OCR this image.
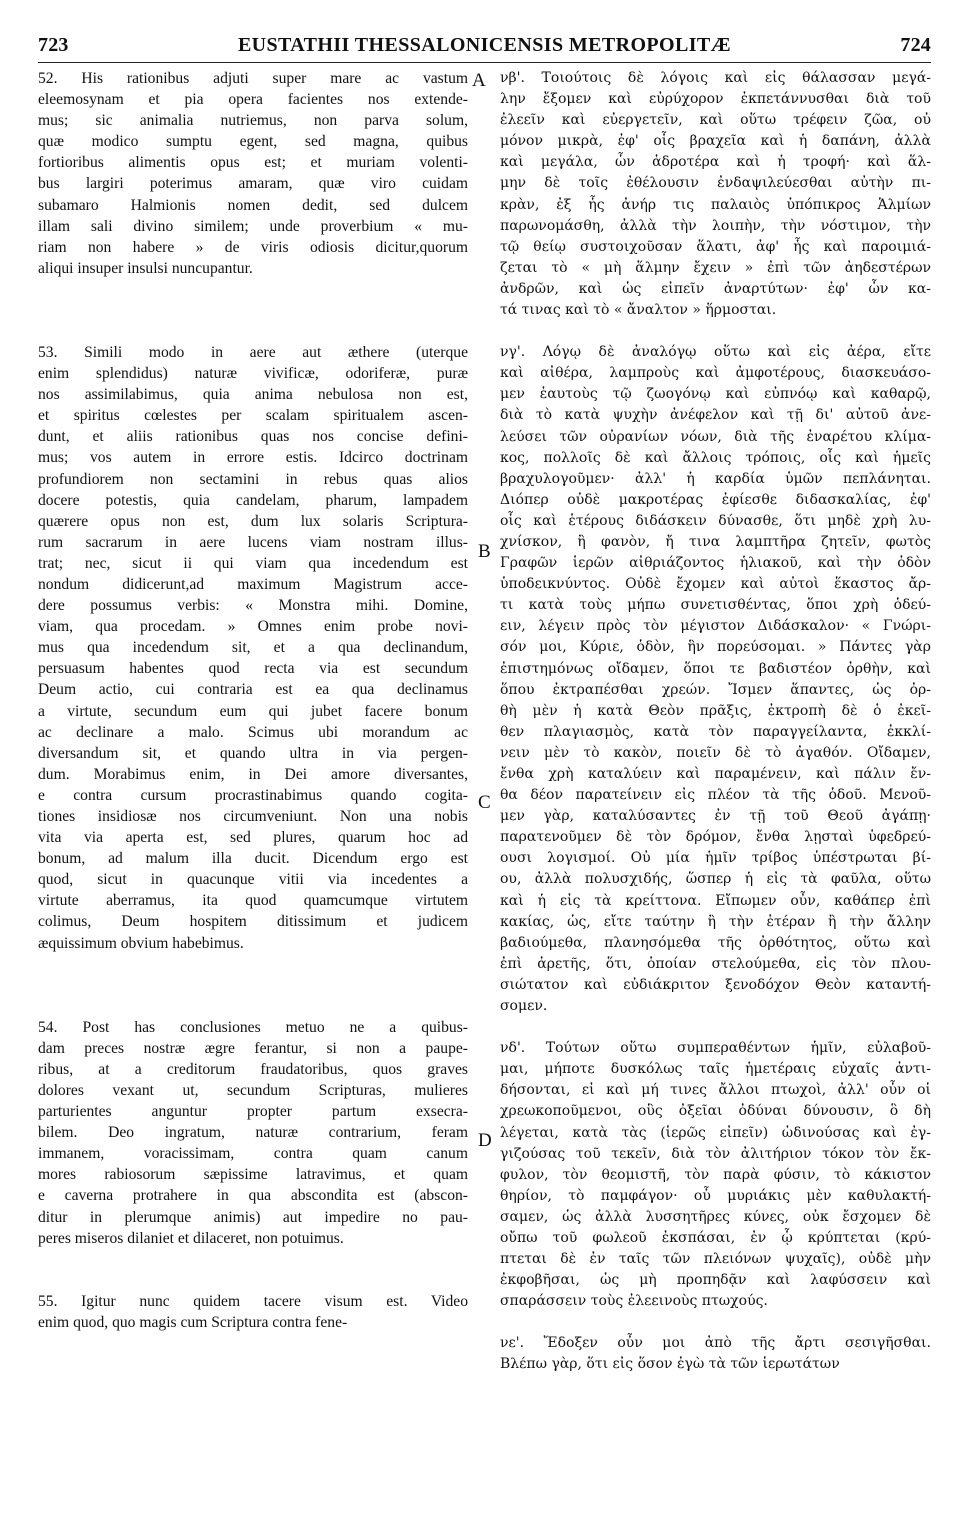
723	EUSTATHII THESSALONICENSIS METROPOLITÆ	724
52. His rationibus adjuti super mare ac vastum
eleemosynam et pia opera facientes nos extende-
mus; sic animalia nutriemus, non parva solum,
quæ modico sumptu egent, sed magna, quibus
fortioribus alimentis opus est; et muriam volenti-
bus largiri poterimus amaram, quæ viro cuidam
subamaro Halmionis nomen dedit, sed dulcem
illam sali divino similem; unde proverbium « mu-
riam non habere » de viris odiosis dicitur,quorum
aliqui insuper insulsi nuncupantur.
53. Simili modo in aere aut æthere (uterque
enim splendidus) naturæ vivificæ, odoriferæ, puræ
nos assimilabimus, quia anima nebulosa non est,
et spiritus cœlestes per scalam spiritualem ascen-
dunt, et aliis rationibus quas nos concise defini-
mus; vos autem in errore estis. Idcirco doctrinam
profundiorem non sectamini in rebus quas alios
docere potestis, quia candelam, pharum, lampadem
quærere opus non est, dum lux solaris Scriptura-
rum sacrarum in aere lucens viam nostram illus-
trat; nec, sicut ii qui viam qua incedendum est
nondum didicerunt,ad maximum Magistrum acce-
dere possumus verbis: « Monstra mihi. Domine,
viam, qua procedam. » Omnes enim probe novi-
mus qua incedendum sit, et a qua declinandum,
persuasum habentes quod recta via est secundum
Deum actio, cui contraria est ea qua declinamus
a virtute, secundum eum qui jubet facere bonum
ac declinare a malo. Scimus ubi morandum ac
diversandum sit, et quando ultra in via pergen-
dum. Morabimus enim, in Dei amore diversantes,
e contra cursum procrastinabimus quando cogita-
tiones insidiosæ nos circumveniunt. Non una nobis
vita via aperta est, sed plures, quarum hoc ad
bonum, ad malum illa ducit. Dicendum ergo est
quod, sicut in quacunque vitii via incedentes a
virtute aberramus, ita quod quamcumque virtutem
colimus, Deum hospitem ditissimum et judicem
æquissimum obvium habebimus.
54. Post has conclusiones metuo ne a quibus-
dam preces nostræ ægre ferantur, si non a paupe-
ribus, at a creditorum fraudatoribus, quos graves
dolores vexant ut, secundum Scripturas, mulieres
parturientes anguntur propter partum exsecra-
bilem. Deo ingratum, naturæ contrarium, feram
immanem, voracissimam, contra quam canum
mores rabiosorum sæpissime latravimus, et quam
e caverna protrahere in qua abscondita est (abscon-
ditur in plerumque animis) aut impedire no pau-
peres miseros dilaniet et dilaceret, non potuimus.
55. Igitur nunc quidem tacere visum est. Video
enim quod, quo magis cum Scriptura contra fene-
νβ'. Τοιούτοις δὲ λόγοις καὶ εἰς θάλασσαν μεγά-
λην ἔξομεν καὶ εὐρύχορον ἐκπετάννυσθαι διὰ τοῦ
ἐλεεῖν καὶ εὐεργετεῖν, καὶ οὕτω τρέφειν ζῶα, οὐ
μόνον μικρὰ, ἐφ' οἷς βραχεῖα καὶ ἡ δαπάνη, ἀλλὰ
καὶ μεγάλα, ὧν ἁδροτέρα καὶ ἡ τροφή· καὶ ἅλ-
μην δὲ τοῖς ἐθέλουσιν ἐνδαψιλεύεσθαι αὐτὴν πι-
κρὰν, ἐξ ἧς ἀνήρ τις παλαιὸς ὑπόπικρος Ἁλμίων
παρωνομάσθη, ἀλλὰ τὴν λοιπὴν, τὴν νόστιμον, τὴν
τῷ θείῳ συστοιχοῦσαν ἅλατι, ἀφ' ἧς καὶ παροιμιά-
ζεται τὸ « μὴ ἅλμην ἔχειν » ἐπὶ τῶν ἀηδεστέρων
ἀνδρῶν, καὶ ὡς εἰπεῖν ἀναρτύτων· ἐφ' ὧν κα-
τά τινας καὶ τὸ « ἄναλτον » ἥρμοσται.
νγ'. Λόγῳ δὲ ἀναλόγῳ οὕτω καὶ εἰς ἀέρα, εἴτε
καὶ αἰθέρα, λαμπροὺς καὶ ἀμφοτέρους, διασκευάσο-
μεν ἑαυτοὺς τῷ ζωογόνῳ καὶ εὐπνόῳ καὶ καθαρῷ,
διὰ τὸ κατὰ ψυχὴν ἀνέφελον καὶ τῇ δι' αὐτοῦ ἀνε-
λεύσει τῶν οὐρανίων νόων, διὰ τῆς ἐναρέτου κλίμα-
κος, πολλοῖς δὲ καὶ ἄλλοις τρόποις, οἷς καὶ ἡμεῖς
βραχυλογοῦμεν· ἀλλ' ἡ καρδία ὑμῶν πεπλάνηται.
Διόπερ οὐδὲ μακροτέρας ἐφίεσθε διδασκαλίας, ἐφ'
οἷς καὶ ἑτέρους διδάσκειν δύνασθε, ὅτι μηδὲ χρὴ λυ-
χνίσκον, ἢ φανὸν, ἤ τινα λαμπτῆρα ζητεῖν, φωτὸς
Γραφῶν ἱερῶν αἰθριάζοντος ἡλιακοῦ, καὶ τὴν ὁδὸν
ὑποδεικνύντος. Οὐδὲ ἔχομεν καὶ αὐτοὶ ἕκαστος ἄρ-
τι κατὰ τοὺς μήπω συνετισθέντας, ὅποι χρὴ ὁδεύ-
ειν, λέγειν πρὸς τὸν μέγιστον Διδάσκαλον· « Γνώρι-
σόν μοι, Κύριε, ὁδὸν, ἣν πορεύσομαι. » Πάντες γὰρ
ἐπιστημόνως οἴδαμεν, ὅποι τε βαδιστέον ὀρθὴν, καὶ
ὅπου ἐκτραπέσθαι χρεών. Ἴσμεν ἅπαντες, ὡς ὀρ-
θὴ μὲν ἡ κατὰ Θεὸν πρᾶξις, ἐκτροπὴ δὲ ὁ ἐκεῖ-
θεν πλαγιασμὸς, κατὰ τὸν παραγγείλαντα, ἐκκλί-
νειν μὲν τὸ κακὸν, ποιεῖν δὲ τὸ ἀγαθόν. Οἴδαμεν,
ἔνθα χρὴ καταλύειν καὶ παραμένειν, καὶ πάλιν ἔν-
θα δέον παρατείνειν εἰς πλέον τὰ τῆς ὁδοῦ. Μενοῦ-
μεν γὰρ, καταλύσαντες ἐν τῇ τοῦ Θεοῦ ἀγάπῃ·
παρατενοῦμεν δὲ τὸν δρόμον, ἔνθα λῃσταὶ ὑφεδρεύ-
ουσι λογισμοί. Οὐ μία ἡμῖν τρίβος ὑπέστρωται βί-
ου, ἀλλὰ πολυσχιδής, ὥσπερ ἡ εἰς τὰ φαῦλα, οὕτω
καὶ ἡ εἰς τὰ κρείττονα. Εἴπωμεν οὖν, καθάπερ ἐπὶ
κακίας, ὡς, εἴτε ταύτην ἢ τὴν ἑτέραν ἢ τὴν ἄλλην
βαδιούμεθα, πλανησόμεθα τῆς ὀρθότητος, οὕτω καὶ
ἐπὶ ἀρετῆς, ὅτι, ὁποίαν στελούμεθα, εἰς τὸν πλου-
σιώτατον καὶ εὐδιάκριτον ξενοδόχον Θεὸν καταντή-
σομεν.
νδ'. Τούτων οὕτω συμπεραθέντων ἡμῖν, εὐλαβοῦ-
μαι, μήποτε δυσκόλως ταῖς ἡμετέραις εὐχαῖς ἀντι-
δήσονται, εἰ καὶ μή τινες ἄλλοι πτωχοὶ, ἀλλ' οὖν οἱ
χρεωκοποῦμενοι, οὓς ὀξεῖαι ὀδύναι δύνουσιν, ὃ δὴ
λέγεται, κατὰ τὰς (ἱερῶς εἰπεῖν) ὠδινούσας καὶ ἐγ-
γιζούσας τοῦ τεκεῖν, διὰ τὸν ἀλιτήριον τόκον τὸν ἔκ-
φυλον, τὸν θεομιστῆ, τὸν παρὰ φύσιν, τὸ κάκιστον
θηρίον, τὸ παμφάγον· οὗ μυριάκις μὲν καθυλακτή-
σαμεν, ὡς ἀλλὰ λυσσητῆρες κύνες, οὐκ ἔσχομεν δὲ
οὔπω τοῦ φωλεοῦ ἐκσπάσαι, ἐν ᾧ κρύπτεται (κρύ-
πτεται δὲ ἐν ταῖς τῶν πλειόνων ψυχαῖς), οὐδὲ μὴν
ἐκφοβῆσαι, ὡς μὴ προπηδᾷν καὶ λαφύσσειν καὶ
σπαράσσειν τοὺς ἐλεεινοὺς πτωχούς.
νε'. Ἔδοξεν οὖν μοι ἀπὸ τῆς ἄρτι σεσιγῆσθαι.
Βλέπω γὰρ, ὅτι εἰς ὅσον ἐγὼ τὰ τῶν ἱερωτάτων
A
B
C
D
